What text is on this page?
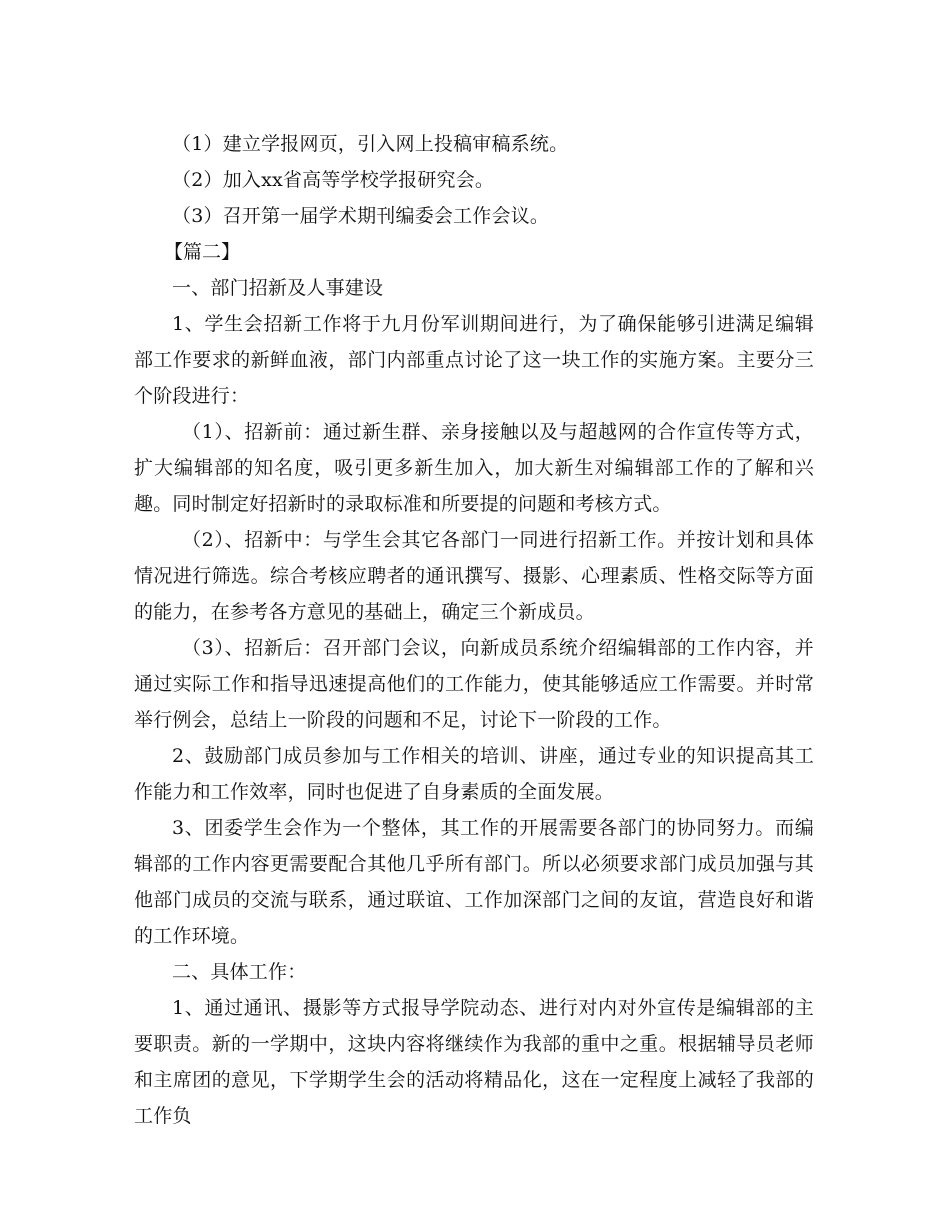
（1）建立学报网页，引入网上投稿审稿系统。

（2）加入xx省高等学校学报研究会。

（3）召开第一届学术期刊编委会工作会议。

【篇二】

一、部门招新及人事建设

1、学生会招新工作将于九月份军训期间进行，为了确保能够引进满足编辑部工作要求的新鲜血液，部门内部重点讨论了这一块工作的实施方案。主要分三个阶段进行：

（1）、招新前：通过新生群、亲身接触以及与超越网的合作宣传等方式，扩大编辑部的知名度，吸引更多新生加入，加大新生对编辑部工作的了解和兴趣。同时制定好招新时的录取标准和所要提的问题和考核方式。

（2）、招新中：与学生会其它各部门一同进行招新工作。并按计划和具体情况进行筛选。综合考核应聘者的通讯撰写、摄影、心理素质、性格交际等方面的能力，在参考各方意见的基础上，确定三个新成员。

（3）、招新后：召开部门会议，向新成员系统介绍编辑部的工作内容，并通过实际工作和指导迅速提高他们的工作能力，使其能够适应工作需要。并时常举行例会，总结上一阶段的问题和不足，讨论下一阶段的工作。

2、鼓励部门成员参加与工作相关的培训、讲座，通过专业的知识提高其工作能力和工作效率，同时也促进了自身素质的全面发展。

3、团委学生会作为一个整体，其工作的开展需要各部门的协同努力。而编辑部的工作内容更需要配合其他几乎所有部门。所以必须要求部门成员加强与其他部门成员的交流与联系，通过联谊、工作加深部门之间的友谊，营造良好和谐的工作环境。

二、具体工作：

1、通过通讯、摄影等方式报导学院动态、进行对内对外宣传是编辑部的主要职责。新的一学期中，这块内容将继续作为我部的重中之重。根据辅导员老师和主席团的意见，下学期学生会的活动将精品化，这在一定程度上减轻了我部的工作负
